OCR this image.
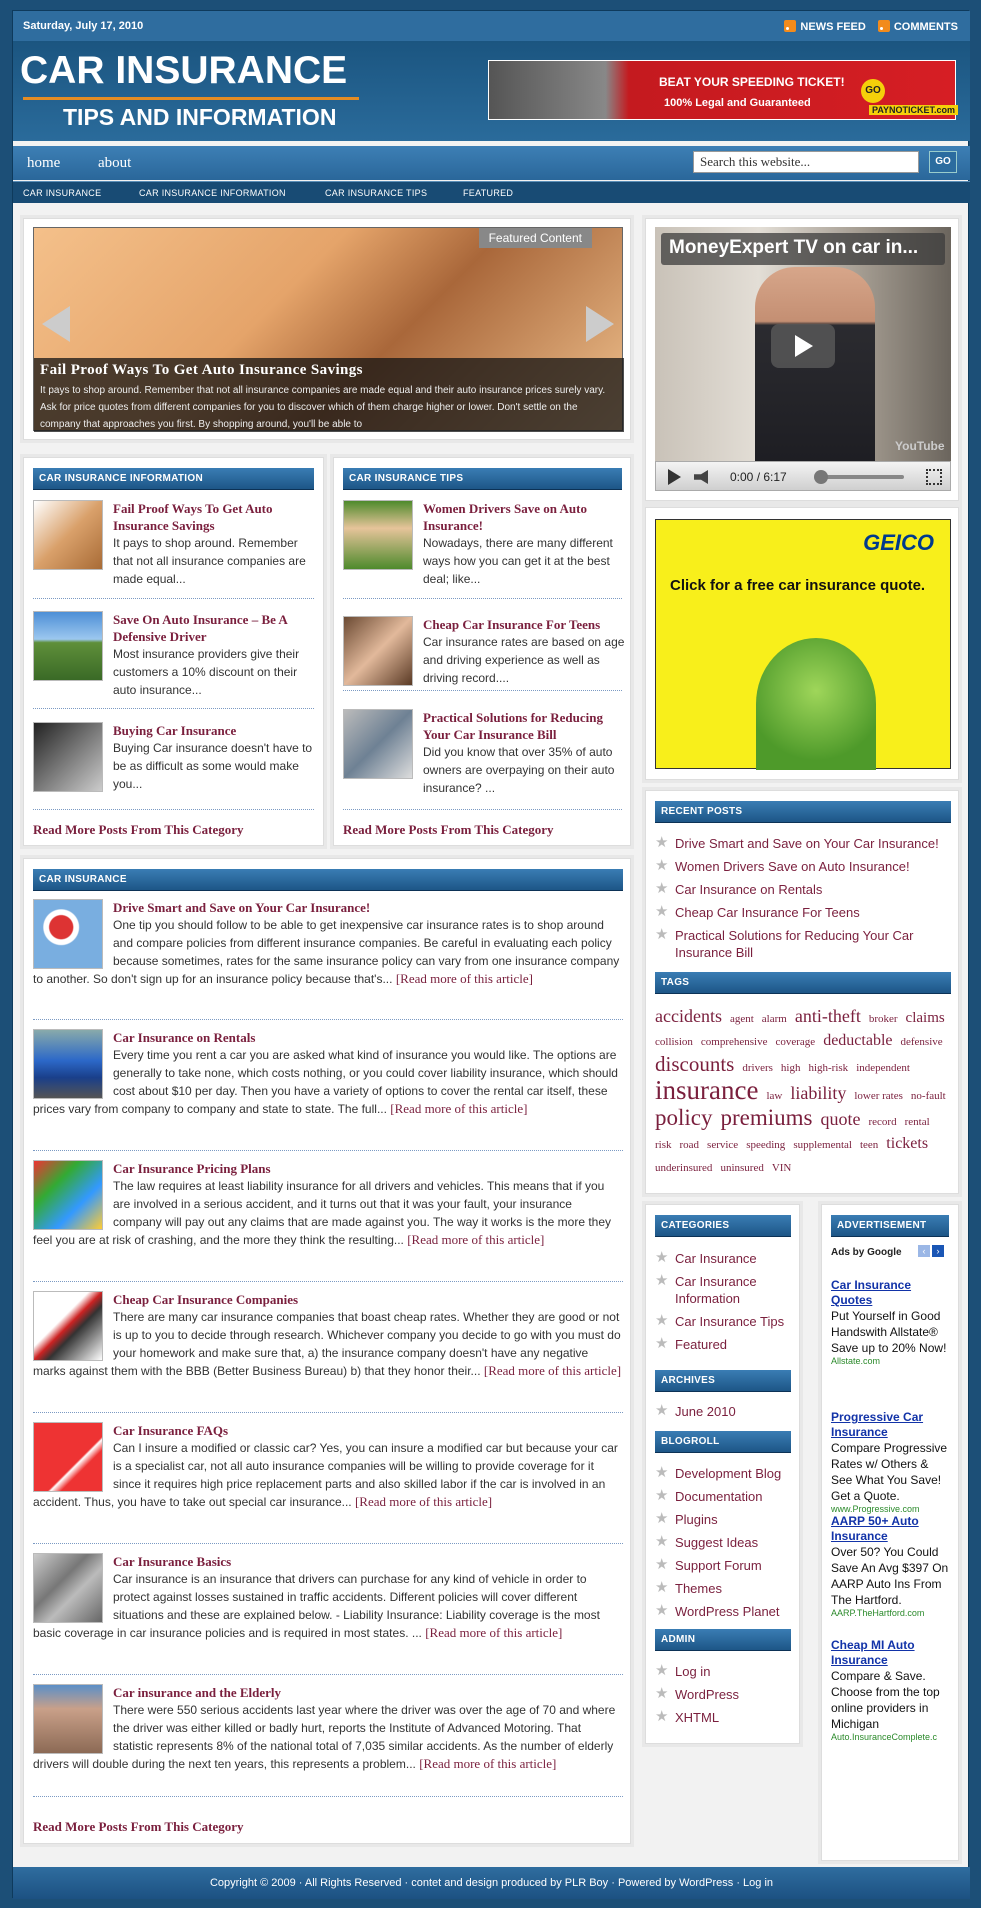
Saturday, July 17, 2010	NEWS FEED	COMMENTS
CAR INSURANCE
TIPS AND INFORMATION
BEAT YOUR SPEEDING TICKET!
100% Legal and Guaranteed
GO
PAYNOTICKET.com
home	about	Search this website...	GO
CAR INSURANCE	CAR INSURANCE INFORMATION	CAR INSURANCE TIPS	FEATURED
Featured Content
Fail Proof Ways To Get Auto Insurance Savings

It pays to shop around. Remember that not all insurance companies are made equal and their auto insurance prices surely vary. Ask for price quotes from different companies for you to discover which of them charge higher or lower. Don't settle on the company that approaches you first. By shopping around, you'll be able to

CAR INSURANCE INFORMATION
Fail Proof Ways To Get Auto Insurance Savings
It pays to shop around. Remember that not all insurance companies are made equal...
Save On Auto Insurance – Be A Defensive Driver
Most insurance providers give their customers a 10% discount on their auto insurance...
Buying Car Insurance
Buying Car insurance doesn't have to be as difficult as some would make you...
Read More Posts From This Category
CAR INSURANCE TIPS
Women Drivers Save on Auto Insurance!
Nowadays, there are many different ways how you can get it at the best deal; like...
Cheap Car Insurance For Teens
Car insurance rates are based on age and driving experience as well as driving record....
Practical Solutions for Reducing Your Car Insurance Bill
Did you know that over 35% of auto owners are overpaying on their auto insurance? ...
Read More Posts From This Category
CAR INSURANCE
Drive Smart and Save on Your Car Insurance!
One tip you should follow to be able to get inexpensive car insurance rates is to shop around and compare policies from different insurance companies. Be careful in evaluating each policy because sometimes, rates for the same insurance policy can vary from one insurance company to another. So don't sign up for an insurance policy because that's... [Read more of this article]
Car Insurance on Rentals
Every time you rent a car you are asked what kind of insurance you would like. The options are generally to take none, which costs nothing, or you could cover liability insurance, which should cost about $10 per day. Then you have a variety of options to cover the rental car itself, these prices vary from company to company and state to state. The full... [Read more of this article]
Car Insurance Pricing Plans
The law requires at least liability insurance for all drivers and vehicles. This means that if you are involved in a serious accident, and it turns out that it was your fault, your insurance company will pay out any claims that are made against you. The way it works is the more they feel you are at risk of crashing, and the more they think the resulting... [Read more of this article]
Cheap Car Insurance Companies
There are many car insurance companies that boast cheap rates. Whether they are good or not is up to you to decide through research. Whichever company you decide to go with you must do your homework and make sure that, a) the insurance company doesn't have any negative marks against them with the BBB (Better Business Bureau) b) that they honor their... [Read more of this article]
Car Insurance FAQs
Can I insure a modified or classic car? Yes, you can insure a modified car but because your car is a specialist car, not all auto insurance companies will be willing to provide coverage for it since it requires high price replacement parts and also skilled labor if the car is involved in an accident. Thus, you have to take out special car insurance... [Read more of this article]
Car Insurance Basics
Car insurance is an insurance that drivers can purchase for any kind of vehicle in order to protect against losses sustained in traffic accidents. Different policies will cover different situations and these are explained below. - Liability Insurance: Liability coverage is the most basic coverage in car insurance policies and is required in most states. ... [Read more of this article]
Car insurance and the Elderly
There were 550 serious accidents last year where the driver was over the age of 70 and where the driver was either killed or badly hurt, reports the Institute of Advanced Motoring. That statistic represents 8% of the national total of 7,035 similar accidents. As the number of elderly drivers will double during the next ten years, this represents a problem... [Read more of this article]
Read More Posts From This Category
MoneyExpert TV on car in...
YouTube
0:00 / 6:17
GEICO
Click for a free car insurance quote.
RECENT POSTS
★ Drive Smart and Save on Your Car Insurance!
★ Women Drivers Save on Auto Insurance!
★ Car Insurance on Rentals
★ Cheap Car Insurance For Teens
★ Practical Solutions for Reducing Your Car Insurance Bill
TAGS
accidents agent alarm anti-theft broker claims collision comprehensive coverage deductable defensive discounts drivers high high-risk independent insurance law liability lower rates no-fault policy premiums quote record rental risk road service speeding supplemental teen tickets underinsured uninsured VIN
CATEGORIES
★ Car Insurance
★ Car Insurance Information
★ Car Insurance Tips
★ Featured
ARCHIVES
★ June 2010
BLOGROLL
★ Development Blog
★ Documentation
★ Plugins
★ Suggest Ideas
★ Support Forum
★ Themes
★ WordPress Planet
ADMIN
★ Log in
★ WordPress
★ XHTML
ADVERTISEMENT
Ads by Google	‹	›
Car Insurance Quotes
Put Yourself in Good Handswith Allstate® Save up to 20% Now!
Allstate.com
Progressive Car Insurance
Compare Progressive Rates w/ Others & See What You Save! Get a Quote.
www.Progressive.com
AARP 50+ Auto Insurance
Over 50? You Could Save An Avg $397 On AARP Auto Ins From The Hartford.
AARP.TheHartford.com
Cheap MI Auto Insurance
Compare & Save. Choose from the top online providers in Michigan
Auto.InsuranceComplete.c
Copyright © 2009 · All Rights Reserved · contet and design produced by PLR Boy · Powered by WordPress · Log in
